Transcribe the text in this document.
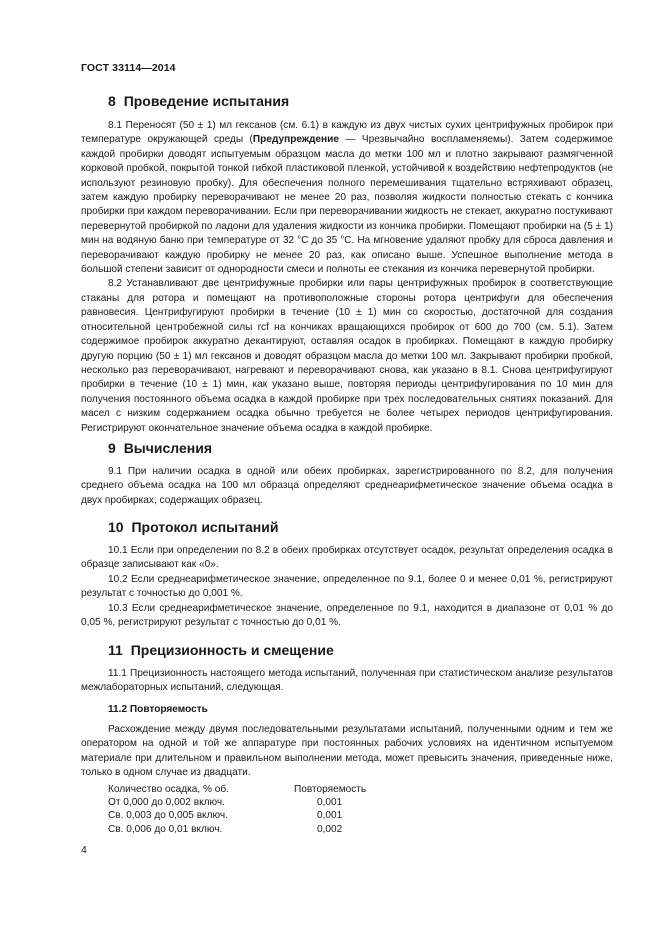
ГОСТ 33114—2014
8 Проведение испытания

8.1 Переносят (50 ± 1) мл гексанов (см. 6.1) в каждую из двух чистых сухих центрифужных пробирок при температуре окружающей среды (Предупреждение — Чрезвычайно воспламеняемы). Затем содержимое каждой пробирки доводят испытуемым образцом масла до метки 100 мл и плотно закрывают размягченной корковой пробкой, покрытой тонкой гибкой пластиковой пленкой, устойчивой к воздействию нефтепродуктов (не используют резиновую пробку). Для обеспечения полного перемешивания тщательно встряхивают образец, затем каждую пробирку переворачивают не менее 20 раз, позволяя жидкости полностью стекать с кончика пробирки при каждом переворачивании. Если при переворачивании жидкость не стекает, аккуратно постукивают перевернутой пробиркой по ладони для удаления жидкости из кончика пробирки. Помещают пробирки на (5 ± 1) мин на водяную баню при температуре от 32 °C до 35 °C. На мгновение удаляют пробку для сброса давления и переворачивают каждую пробирку не менее 20 раз, как описано выше. Успешное выполнение метода в большой степени зависит от однородности смеси и полноты ее стекания из кончика перевернутой пробирки.

8.2 Устанавливают две центрифужные пробирки или пары центрифужных пробирок в соответствующие стаканы для ротора и помещают на противоположные стороны ротора центрифуги для обеспечения равновесия. Центрифугируют пробирки в течение (10 ± 1) мин со скоростью, достаточной для создания относительной центробежной силы rcf на кончиках вращающихся пробирок от 600 до 700 (см. 5.1). Затем содержимое пробирок аккуратно декантируют, оставляя осадок в пробирках. Помещают в каждую пробирку другую порцию (50 ± 1) мл гексанов и доводят образцом масла до метки 100 мл. Закрывают пробирки пробкой, несколько раз переворачивают, нагревают и переворачивают снова, как указано в 8.1. Снова центрифугируют пробирки в течение (10 ± 1) мин, как указано выше, повторяя периоды центрифугирования по 10 мин для получения постоянного объема осадка в каждой пробирке при трех последовательных снятиях показаний. Для масел с низким содержанием осадка обычно требуется не более четырех периодов центрифугирования. Регистрируют окончательное значение объема осадка в каждой пробирке.

9 Вычисления

9.1 При наличии осадка в одной или обеих пробирках, зарегистрированного по 8.2, для получения среднего объема осадка на 100 мл образца определяют среднеарифметическое значение объема осадка в двух пробирках, содержащих образец.

10 Протокол испытаний

10.1 Если при определении по 8.2 в обеих пробирках отсутствует осадок, результат определения осадка в образце записывают как «0».

10.2 Если среднеарифметическое значение, определенное по 9.1, более 0 и менее 0,01 %, регистрируют результат с точностью до 0,001 %.

10.3 Если среднеарифметическое значение, определенное по 9.1, находится в диапазоне от 0,01 % до 0,05 %, регистрируют результат с точностью до 0,01 %.

11 Прецизионность и смещение

11.1 Прецизионность настоящего метода испытаний, полученная при статистическом анализе результатов межлабораторных испытаний, следующая.

11.2 Повторяемость

Расхождение между двумя последовательными результатами испытаний, полученными одним и тем же оператором на одной и той же аппаратуре при постоянных рабочих условиях на идентичном испытуемом материале при длительном и правильном выполнении метода, может превысить значения, приведенные ниже, только в одном случае из двадцати.

Количество осадка, % об.	Повторяемость
От 0,000 до 0,002 включ.	0,001
Св. 0,003 до 0,005 включ.	0,001
Св. 0,006 до 0,01 включ.	0,002
4
